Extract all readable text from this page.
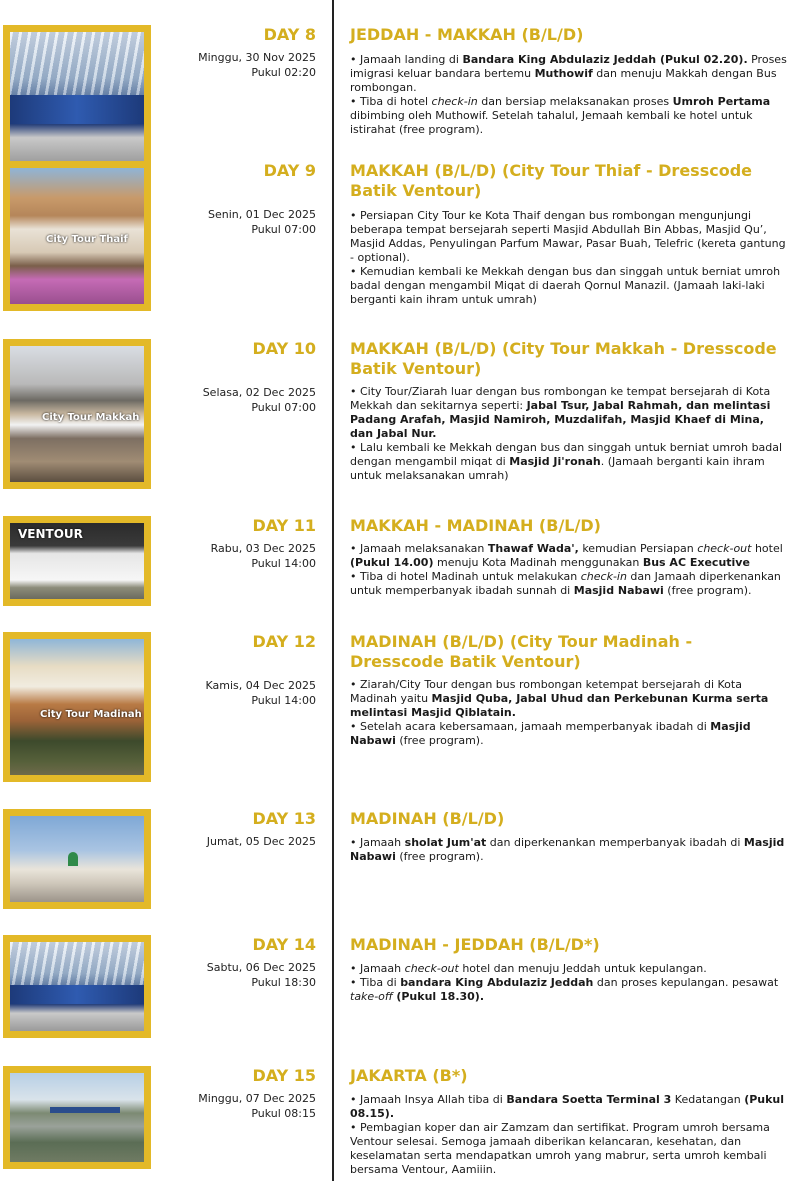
DAY 8
Minggu, 30 Nov 2025
Pukul 02:20
JEDDAH - MAKKAH (B/L/D)

• Jamaah landing di Bandara King Abdulaziz Jeddah (Pukul 02.20). Proses imigrasi keluar bandara bertemu Muthowif dan menuju Makkah dengan Bus rombongan.

• Tiba di hotel check-in dan bersiap melaksanakan proses Umroh Pertama dibimbing oleh Muthowif. Setelah tahalul, Jemaah kembali ke hotel untuk istirahat (free program).

City Tour Thaif
DAY 9
Senin, 01 Dec 2025
Pukul 07:00
MAKKAH (B/L/D) (City Tour Thiaf - Dresscode Batik Ventour)

• Persiapan City Tour ke Kota Thaif dengan bus rombongan mengunjungi beberapa tempat bersejarah seperti Masjid Abdullah Bin Abbas, Masjid Qu’, Masjid Addas, Penyulingan Parfum Mawar, Pasar Buah, Telefric (kereta gantung - optional).

• Kemudian kembali ke Mekkah dengan bus dan singgah untuk berniat umroh badal dengan mengambil Miqat di daerah Qornul Manazil. (Jamaah laki-laki berganti kain ihram untuk umrah)

City Tour Makkah
DAY 10
Selasa, 02 Dec 2025
Pukul 07:00
MAKKAH (B/L/D) (City Tour Makkah - Dresscode Batik Ventour)

• City Tour/Ziarah luar dengan bus rombongan ke tempat bersejarah di Kota Mekkah dan sekitarnya seperti: Jabal Tsur, Jabal Rahmah, dan melintasi Padang Arafah, Masjid Namiroh, Muzdalifah, Masjid Khaef di Mina, dan Jabal Nur.

• Lalu kembali ke Mekkah dengan bus dan singgah untuk berniat umroh badal dengan mengambil miqat di Masjid Ji'ronah. (Jamaah berganti kain ihram untuk melaksanakan umrah)

VENTOUR	DAY 11
Rabu, 03 Dec 2025
Pukul 14:00
MAKKAH - MADINAH (B/L/D)

• Jamaah melaksanakan Thawaf Wada', kemudian Persiapan check-out hotel (Pukul 14.00) menuju Kota Madinah menggunakan Bus AC Executive

• Tiba di hotel Madinah untuk melakukan check-in dan Jamaah diperkenankan untuk memperbanyak ibadah sunnah di Masjid Nabawi (free program).

City Tour Madinah
DAY 12
Kamis, 04 Dec 2025
Pukul 14:00
MADINAH (B/L/D) (City Tour Madinah - Dresscode Batik Ventour)

• Ziarah/City Tour dengan bus rombongan ketempat bersejarah di Kota Madinah yaitu Masjid Quba, Jabal Uhud dan Perkebunan Kurma serta melintasi Masjid Qiblatain.

• Setelah acara kebersamaan, jamaah memperbanyak ibadah di Masjid Nabawi (free program).

DAY 13
Jumat, 05 Dec 2025
MADINAH (B/L/D)

• Jamaah sholat Jum'at dan diperkenankan memperbanyak ibadah di Masjid Nabawi (free program).

DAY 14
Sabtu, 06 Dec 2025
Pukul 18:30
MADINAH - JEDDAH (B/L/D*)

• Jamaah check-out hotel dan menuju Jeddah untuk kepulangan.

• Tiba di bandara King Abdulaziz Jeddah dan proses kepulangan. pesawat take-off (Pukul 18.30).

DAY 15
Minggu, 07 Dec 2025
Pukul 08:15
JAKARTA (B*)

• Jamaah Insya Allah tiba di Bandara Soetta Terminal 3 Kedatangan (Pukul 08.15).

• Pembagian koper dan air Zamzam dan sertifikat. Program umroh bersama Ventour selesai. Semoga jamaah diberikan kelancaran, kesehatan, dan keselamatan serta mendapatkan umroh yang mabrur, serta umroh kembali bersama Ventour, Aamiiin.
